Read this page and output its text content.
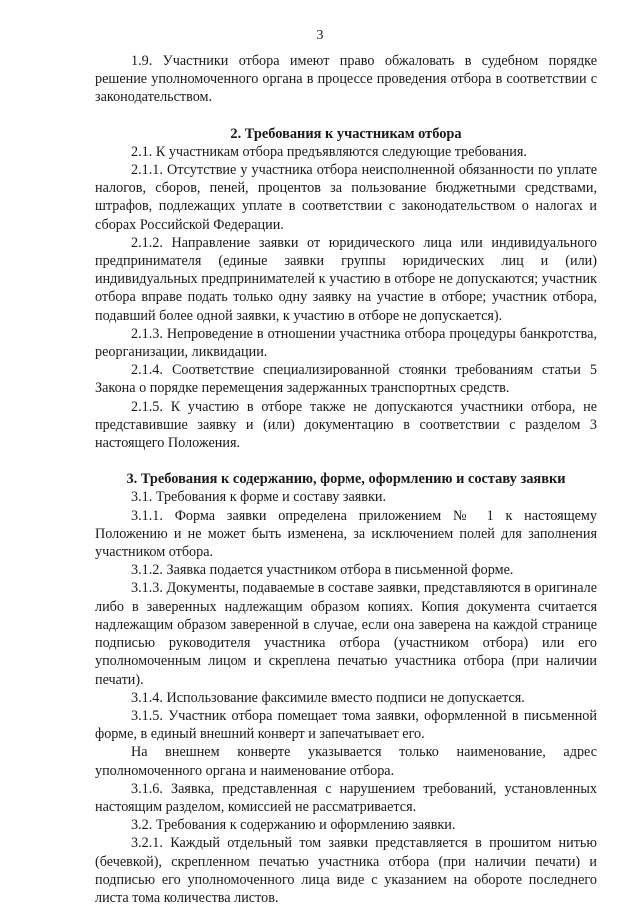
3

1.9. Участники отбора имеют право обжаловать в судебном порядке решение уполномоченного органа в процессе проведения отбора в соответствии с законодательством.

2. Требования к участникам отбора

2.1. К участникам отбора предъявляются следующие требования.

2.1.1. Отсутствие у участника отбора неисполненной обязанности по уплате налогов, сборов, пеней, процентов за пользование бюджетными средствами, штрафов, подлежащих уплате в соответствии с законодательством о налогах и сборах Российской Федерации.

2.1.2. Направление заявки от юридического лица или индивидуального предпринимателя (единые заявки группы юридических лиц и (или) индивидуальных предпринимателей к участию в отборе не допускаются; участник отбора вправе подать только одну заявку на участие в отборе; участник отбора, подавший более одной заявки, к участию в отборе не допускается).

2.1.3. Непроведение в отношении участника отбора процедуры банкротства, реорганизации, ликвидации.

2.1.4. Соответствие специализированной стоянки требованиям статьи 5 Закона о порядке перемещения задержанных транспортных средств.

2.1.5. К участию в отборе также не допускаются участники отбора, не представившие заявку и (или) документацию в соответствии с разделом 3 настоящего Положения.

3. Требования к содержанию, форме, оформлению и составу заявки

3.1. Требования к форме и составу заявки.

3.1.1. Форма заявки определена приложением № 1 к настоящему Положению и не может быть изменена, за исключением полей для заполнения участником отбора.

3.1.2. Заявка подается участником отбора в письменной форме.

3.1.3. Документы, подаваемые в составе заявки, представляются в оригинале либо в заверенных надлежащим образом копиях. Копия документа считается надлежащим образом заверенной в случае, если она заверена на каждой странице подписью руководителя участника отбора (участником отбора) или его уполномоченным лицом и скреплена печатью участника отбора (при наличии печати).

3.1.4. Использование факсимиле вместо подписи не допускается.

3.1.5. Участник отбора помещает тома заявки, оформленной в письменной форме, в единый внешний конверт и запечатывает его.

На внешнем конверте указывается только наименование, адрес уполномоченного органа и наименование отбора.

3.1.6. Заявка, представленная с нарушением требований, установленных настоящим разделом, комиссией не рассматривается.

3.2. Требования к содержанию и оформлению заявки.

3.2.1. Каждый отдельный том заявки представляется в прошитом нитью (бечевкой), скрепленном печатью участника отбора (при наличии печати) и подписью его уполномоченного лица виде с указанием на обороте последнего листа тома количества листов.
